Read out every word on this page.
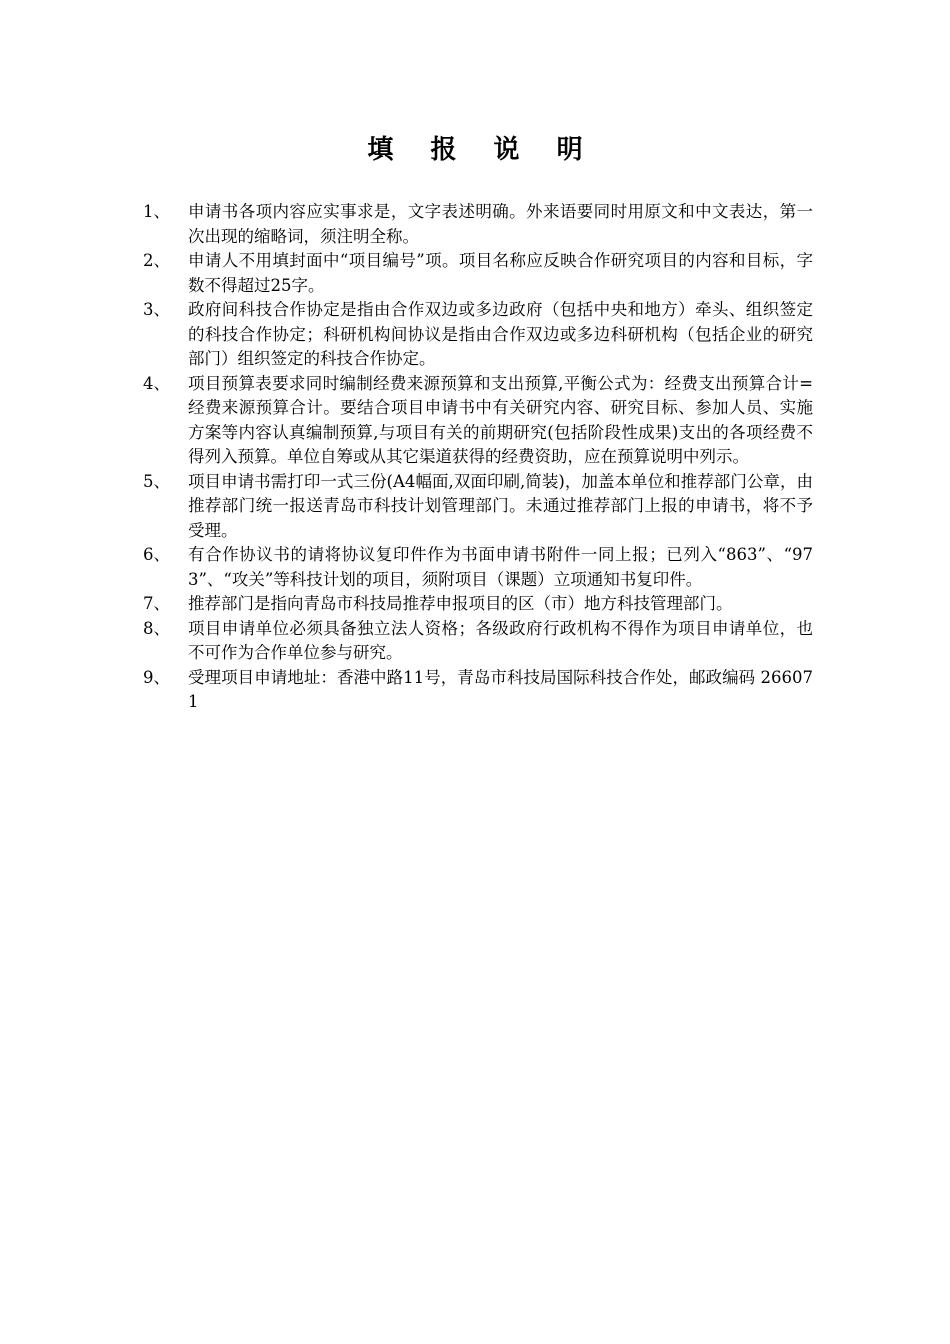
填 报 说 明
1、	申请书各项内容应实事求是，文字表述明确。外来语要同时用原文和中文表达，第一次出现的缩略词，须注明全称。
2、	申请人不用填封面中“项目编号”项。项目名称应反映合作研究项目的内容和目标，字数不得超过25字。
3、	政府间科技合作协定是指由合作双边或多边政府（包括中央和地方）牵头、组织签定的科技合作协定；科研机构间协议是指由合作双边或多边科研机构（包括企业的研究部门）组织签定的科技合作协定。
4、	项目预算表要求同时编制经费来源预算和支出预算,平衡公式为：经费支出预算合计=经费来源预算合计。要结合项目申请书中有关研究内容、研究目标、参加人员、实施方案等内容认真编制预算,与项目有关的前期研究(包括阶段性成果)支出的各项经费不得列入预算。单位自筹或从其它渠道获得的经费资助，应在预算说明中列示。
5、	项目申请书需打印一式三份(A4幅面,双面印刷,简装)，加盖本单位和推荐部门公章，由推荐部门统一报送青岛市科技计划管理部门。未通过推荐部门上报的申请书，将不予受理。
6、	有合作协议书的请将协议复印件作为书面申请书附件一同上报；已列入“863”、“973”、“攻关”等科技计划的项目，须附项目（课题）立项通知书复印件。
7、	推荐部门是指向青岛市科技局推荐申报项目的区（市）地方科技管理部门。
8、	项目申请单位必须具备独立法人资格；各级政府行政机构不得作为项目申请单位，也不可作为合作单位参与研究。
9、	受理项目申请地址：香港中路11号，青岛市科技局国际科技合作处，邮政编码 266071
